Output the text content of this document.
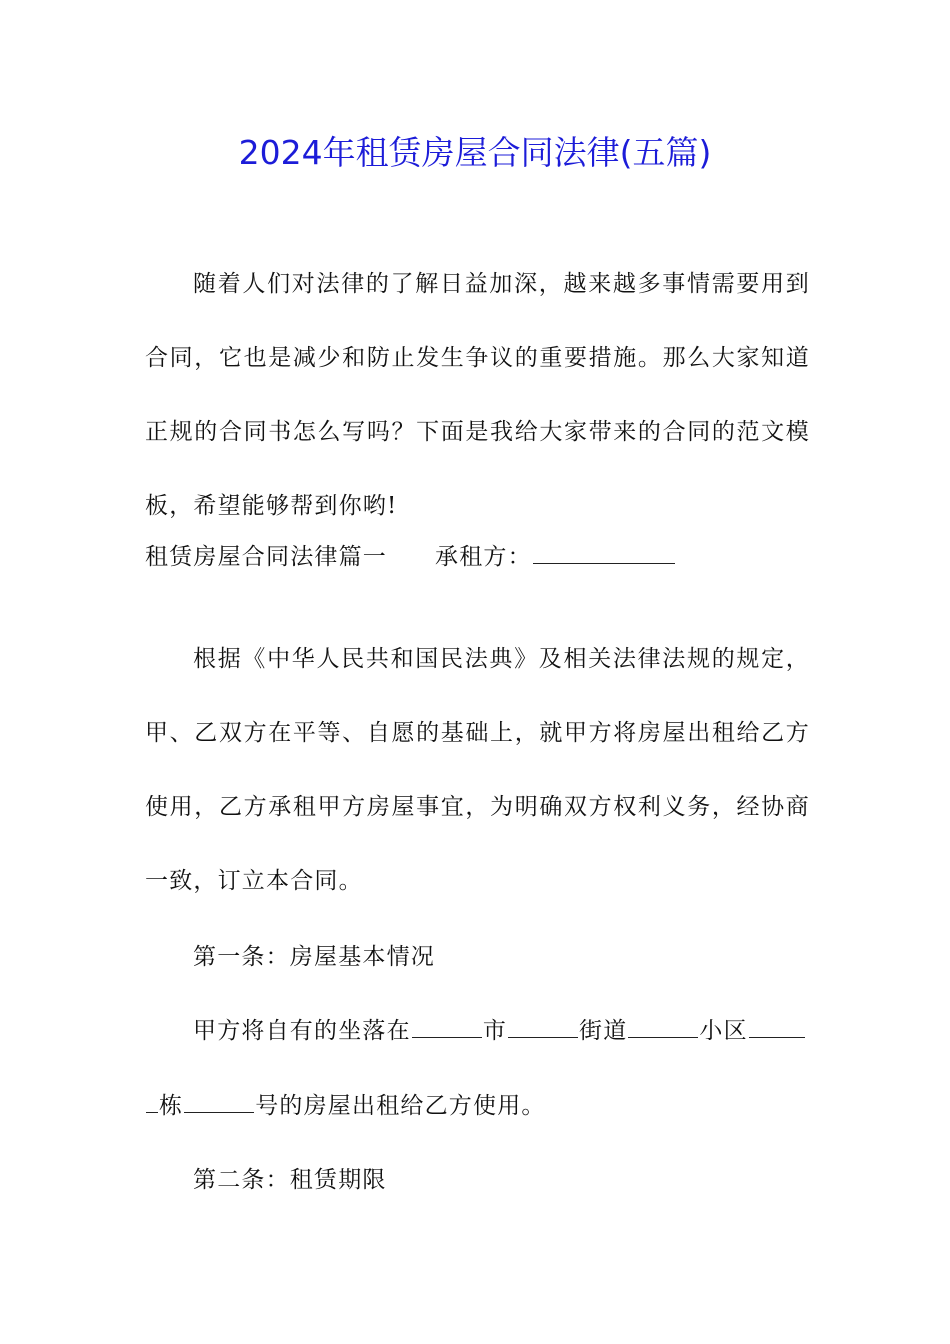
2024年租赁房屋合同法律(五篇)
随着人们对法律的了解日益加深，越来越多事情需要用到合同，它也是减少和防止发生争议的重要措施。那么大家知道正规的合同书怎么写吗？下面是我给大家带来的合同的范文模板，希望能够帮到你哟!
租赁房屋合同法律篇一 承租方：
根据《中华人民共和国民法典》及相关法律法规的规定，甲、乙双方在平等、自愿的基础上，就甲方将房屋出租给乙方使用，乙方承租甲方房屋事宜，为明确双方权利义务，经协商一致，订立本合同。
第一条：房屋基本情况
甲方将自有的坐落在	市	街道	小区
栋	号的房屋出租给乙方使用。
第二条：租赁期限
